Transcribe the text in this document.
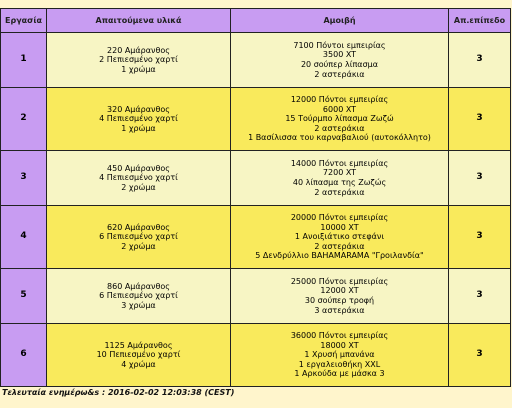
Εργασία	Απαιτούμενα υλικά	Αμοιβή	Απ.επίπεδο
1	220 Αμάρανθος
2 Πεπιεσμένο χαρτί
1 χρώμα	7100 Πόντοι εμπειρίας
3500 XT
20 σούπερ λίπασμα
2 αστεράκια	3
2	320 Αμάρανθος
4 Πεπιεσμένο χαρτί
1 χρώμα	12000 Πόντοι εμπειρίας
6000 XT
15 Τούρμπο λίπασμα Ζωζώ
2 αστεράκια
1 Βασίλισσα του καρναβαλιού (αυτοκόλλητο)	3
3	450 Αμάρανθος
4 Πεπιεσμένο χαρτί
2 χρώμα	14000 Πόντοι εμπειρίας
7200 XT
40 λίπασμα της Ζωζώς
2 αστεράκια	3
4	620 Αμάρανθος
6 Πεπιεσμένο χαρτί
2 χρώμα	20000 Πόντοι εμπειρίας
10000 XT
1 Ανοιξιάτικο στεφάνι
2 αστεράκια
5 Δενδρύλλιο BAHAMARAMA "Γροιλανδία"	3
5	860 Αμάρανθος
6 Πεπιεσμένο χαρτί
3 χρώμα	25000 Πόντοι εμπειρίας
12000 XT
30 σούπερ τροφή
3 αστεράκια	3
6	1125 Αμάρανθος
10 Πεπιεσμένο χαρτί
4 χρώμα	36000 Πόντοι εμπειρίας
18000 XT
1 Χρυσή μπανάνα
1 εργαλειοθήκη XXL
1 Αρκούδα με μάσκα 3	3
Τελευταία ενημέρω&s : 2016-02-02 12:03:38 (CEST)
